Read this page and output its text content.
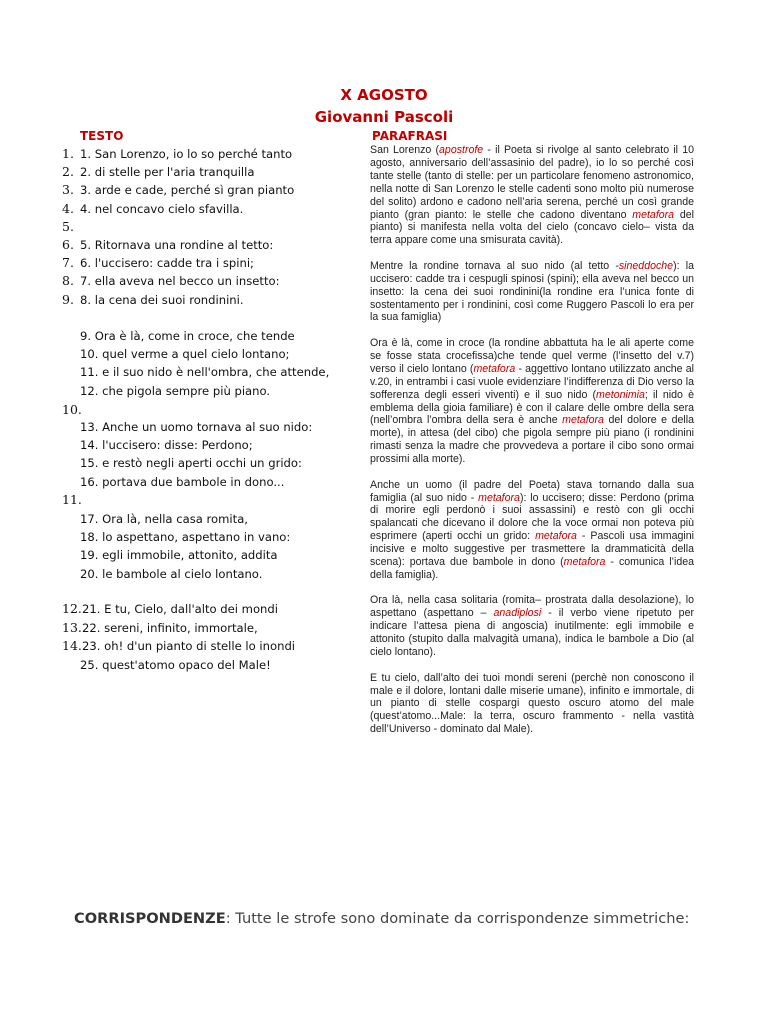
X AGOSTO
Giovanni Pascoli
TESTO	PARAFRASI
1. 1. San Lorenzo, io lo so perché tanto
2. 2. di stelle per l'aria tranquilla
3. 3. arde e cade, perché sì gran pianto
4. 4. nel concavo cielo sfavilla.
5.
6. 5. Ritornava una rondine al tetto:
7. 6. l'uccisero: cadde tra i spini;
8. 7. ella aveva nel becco un insetto:
9. 8. la cena dei suoi rondinini.
9. Ora è là, come in croce, che tende
10. quel verme a quel cielo lontano;
11. e il suo nido è nell'ombra, che attende,
12. che pigola sempre più piano.
10.
13. Anche un uomo tornava al suo nido:
14. l'uccisero: disse: Perdono;
15. e restò negli aperti occhi un grido:
16. portava due bambole in dono...
11.
17. Ora là, nella casa romita,
18. lo aspettano, aspettano in vano:
19. egli immobile, attonito, addita
20. le bambole al cielo lontano.
12.21. E tu, Cielo, dall'alto dei mondi
13.22. sereni, infinito, immortale,
14.23. oh! d'un pianto di stelle lo inondi
25. quest'atomo opaco del Male!

San Lorenzo (apostrofe - il Poeta si rivolge al santo celebrato il 10 agosto, anniversario dell’assasinio del padre), io lo so perché così tante stelle (tanto di stelle: per un particolare fenomeno astronomico, nella notte di San Lorenzo le stelle cadenti sono molto più numerose del solito) ardono e cadono nell’aria serena, perché un così grande pianto (gran pianto: le stelle che cadono diventano metafora del pianto) si manifesta nella volta del cielo (concavo cielo– vista da terra appare come una smisurata cavità).

Mentre la rondine tornava al suo nido (al tetto -sineddoche): la uccisero: cadde tra i cespugli spinosi (spini); ella aveva nel becco un insetto: la cena dei suoi rondinini(la rondine era l’unica fonte di sostentamento per i rondinini, così come Ruggero Pascoli lo era per la sua famiglia)

Ora è là, come in croce (la rondine abbattuta ha le ali aperte come se fosse stata crocefissa)che tende quel verme (l’insetto del v.7) verso il cielo lontano (metafora - aggettivo lontano utilizzato anche al v.20, in entrambi i casi vuole evidenziare l’indifferenza di Dio verso la sofferenza degli esseri viventi) e il suo nido (metonimia; il nido è emblema della gioia familiare) è con il calare delle ombre della sera (nell’ombra l’ombra della sera è anche metafora del dolore e della morte), in attesa (del cibo) che pigola sempre più piano (i rondinini rimasti senza la madre che provvedeva a portare il cibo sono ormai prossimi alla morte).

Anche un uomo (il padre del Poeta) stava tornando dalla sua famiglia (al suo nido - metafora): lo uccisero; disse: Perdono (prima di morire egli perdonò i suoi assassini) e restò con gli occhi spalancati che dicevano il dolore che la voce ormai non poteva più esprimere (aperti occhi un grido: metafora - Pascoli usa immagini incisive e molto suggestive per trasmettere la drammaticità della scena): portava due bambole in dono (metafora - comunica l’idea della famiglia).

Ora là, nella casa solitaria (romita– prostrata dalla desolazione), lo aspettano (aspettano – anadiplosi - il verbo viene ripetuto per indicare l’attesa piena di angoscia) inutilmente: egli immobile e attonito (stupito dalla malvagità umana), indica le bambole a Dio (al cielo lontano).

E tu cielo, dall’alto dei tuoi mondi sereni (perchè non conoscono il male e il dolore, lontani dalle miserie umane), infinito e immortale, di un pianto di stelle cospargi questo oscuro atomo del male (quest’atomo...Male: la terra, oscuro frammento - nella vastità dell’Universo - dominato dal Male).

CORRISPONDENZE: Tutte le strofe sono dominate da corrispondenze simmetriche:
